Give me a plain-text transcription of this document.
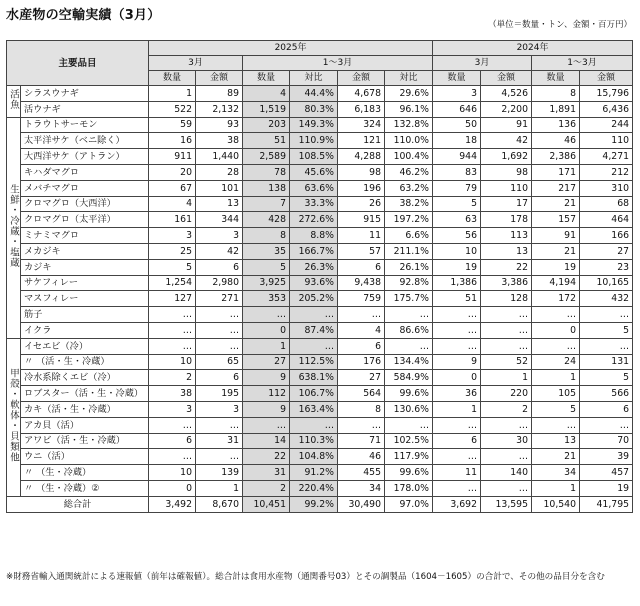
水産物の空輸実績（3月）
（単位＝数量・トン、金額・百万円）
主要品目		2025年						2024年			
		3月		1～3月				3月		1～3月	
		数量	金額	数量	対比	金額	対比	数量	金額	数量	金額
活魚	シラスウナギ	1	89	4	44.4%	4,678	29.6%	3	4,526	8	15,796
	活ウナギ	522	2,132	1,519	80.3%	6,183	96.1%	646	2,200	1,891	6,436
生鮮・冷蔵・塩蔵	トラウトサーモン	59	93	203	149.3%	324	132.8%	50	91	136	244
	太平洋サケ（ベニ除く）	16	38	51	110.9%	121	110.0%	18	42	46	110
	大西洋サケ（アトラン）	911	1,440	2,589	108.5%	4,288	100.4%	944	1,692	2,386	4,271
	キハダマグロ	20	28	78	45.6%	98	46.2%	83	98	171	212
	メバチマグロ	67	101	138	63.6%	196	63.2%	79	110	217	310
	クロマグロ（大西洋）	4	13	7	33.3%	26	38.2%	5	17	21	68
	クロマグロ（太平洋）	161	344	428	272.6%	915	197.2%	63	178	157	464
	ミナミマグロ	3	3	8	8.8%	11	6.6%	56	113	91	166
	メカジキ	25	42	35	166.7%	57	211.1%	10	13	21	27
	カジキ	5	6	5	26.3%	6	26.1%	19	22	19	23
	サケフィレー	1,254	2,980	3,925	93.6%	9,438	92.8%	1,386	3,386	4,194	10,165
	マスフィレー	127	271	353	205.2%	759	175.7%	51	128	172	432
	筋子	…	…	…	…	…	…	…	…	…	…
	イクラ	…	…	0	87.4%	4	86.6%	…	…	0	5
甲殻・軟体・貝類他	イセエビ（冷）	…	…	1	…	6	…	…	…	…	…
	〃 （活・生・冷蔵）	10	65	27	112.5%	176	134.4%	9	52	24	131
	冷水系除くエビ（冷）	2	6	9	638.1%	27	584.9%	0	1	1	5
	ロブスター（活・生・冷蔵）	38	195	112	106.7%	564	99.6%	36	220	105	566
	カキ（活・生・冷蔵）	3	3	9	163.4%	8	130.6%	1	2	5	6
	アカ貝（活）	…	…	…	…	…	…	…	…	…	…
	アワビ（活・生・冷蔵）	6	31	14	110.3%	71	102.5%	6	30	13	70
	ウニ（活）	…	…	22	104.8%	46	117.9%	…	…	21	39
	〃 （生・冷蔵）	10	139	31	91.2%	455	99.6%	11	140	34	457
	〃 （生・冷蔵）②	0	1	2	220.4%	34	178.0%	…	…	1	19
総合計		3,492	8,670	10,451	99.2%	30,490	97.0%	3,692	13,595	10,540	41,795
※財務省輸入通関統計による速報値（前年は確報値）。総合計は食用水産物（通関番号03）とその調製品（1604－1605）の合計で、その他の品目分を含む
